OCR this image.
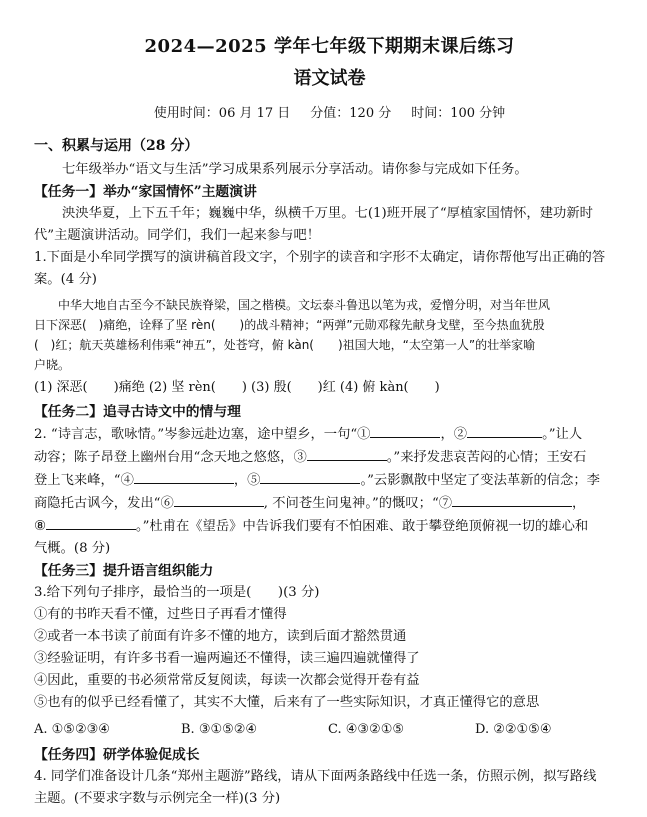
2024—2025 学年七年级下期期末课后练习
语文试卷
使用时间：06 月 17 日 分值：120 分 时间：100 分钟
一、积累与运用（28 分）

七年级举办“语文与生活”学习成果系列展示分享活动。请你参与完成如下任务。

【任务一】举办“家国情怀”主题演讲

泱泱华夏，上下五千年；巍巍中华，纵横千万里。七(1)班开展了“厚植家国情怀，建功新时

代”主题演讲活动。同学们，我们一起来参与吧！

1.下面是小牟同学撰写的演讲稿首段文字，个别字的读音和字形不太确定，请你帮他写出正确的答

案。(4 分)

中华大地自古至今不缺民族脊梁，国之楷模。文坛泰斗鲁迅以笔为戎，爱憎分明，对当年世风
日下深恶(　)痛绝，诠释了坚 rèn(　　)的战斗精神；“两弹”元勋邓稼先献身戈壁，至今热血犹殷
(　)红；航天英雄杨利伟乘“神五”，处苍穹，俯 kàn(　　)祖国大地，“太空第一人”的壮举家喻
户晓。
(1) 深恶(　　)痛绝 (2) 坚 rèn(　　) (3) 殷(　　)红 (4) 俯 kàn(　　)
【任务二】追寻古诗文中的情与理

2. “诗言志，歌咏情。”岑参远赴边塞，途中望乡，一句“①	，②	。”让人

动容；陈子昂登上幽州台用“念天地之悠悠，③	。”来抒发悲哀苦闷的心情；王安石

登上飞来峰，“④	，⑤	。”云影飘散中坚定了变法革新的信念；李

商隐托古讽今，发出“⑥	, 不问苍生问鬼神。”的慨叹；“⑦	，

⑧	。”杜甫在《望岳》中告诉我们要有不怕困难、敢于攀登绝顶俯视一切的雄心和

气概。(8 分)

【任务三】提升语言组织能力

3.给下列句子排序，最恰当的一项是(　　)(3 分)

①有的书昨天看不懂，过些日子再看才懂得

②或者一本书读了前面有许多不懂的地方，读到后面才豁然贯通

③经验证明，有许多书看一遍两遍还不懂得，读三遍四遍就懂得了

④因此，重要的书必须常常反复阅读，每读一次都会觉得开卷有益

⑤也有的似乎已经看懂了，其实不大懂，后来有了一些实际知识，才真正懂得它的意思

A. ①⑤②③④	B. ③①⑤②④	C. ④③②①⑤	D. ②②①⑤④
【任务四】研学体验促成长

4. 同学们准备设计几条“郑州主题游”路线，请从下面两条路线中任选一条，仿照示例，拟写路线

主题。(不要求字数与示例完全一样)(3 分)
